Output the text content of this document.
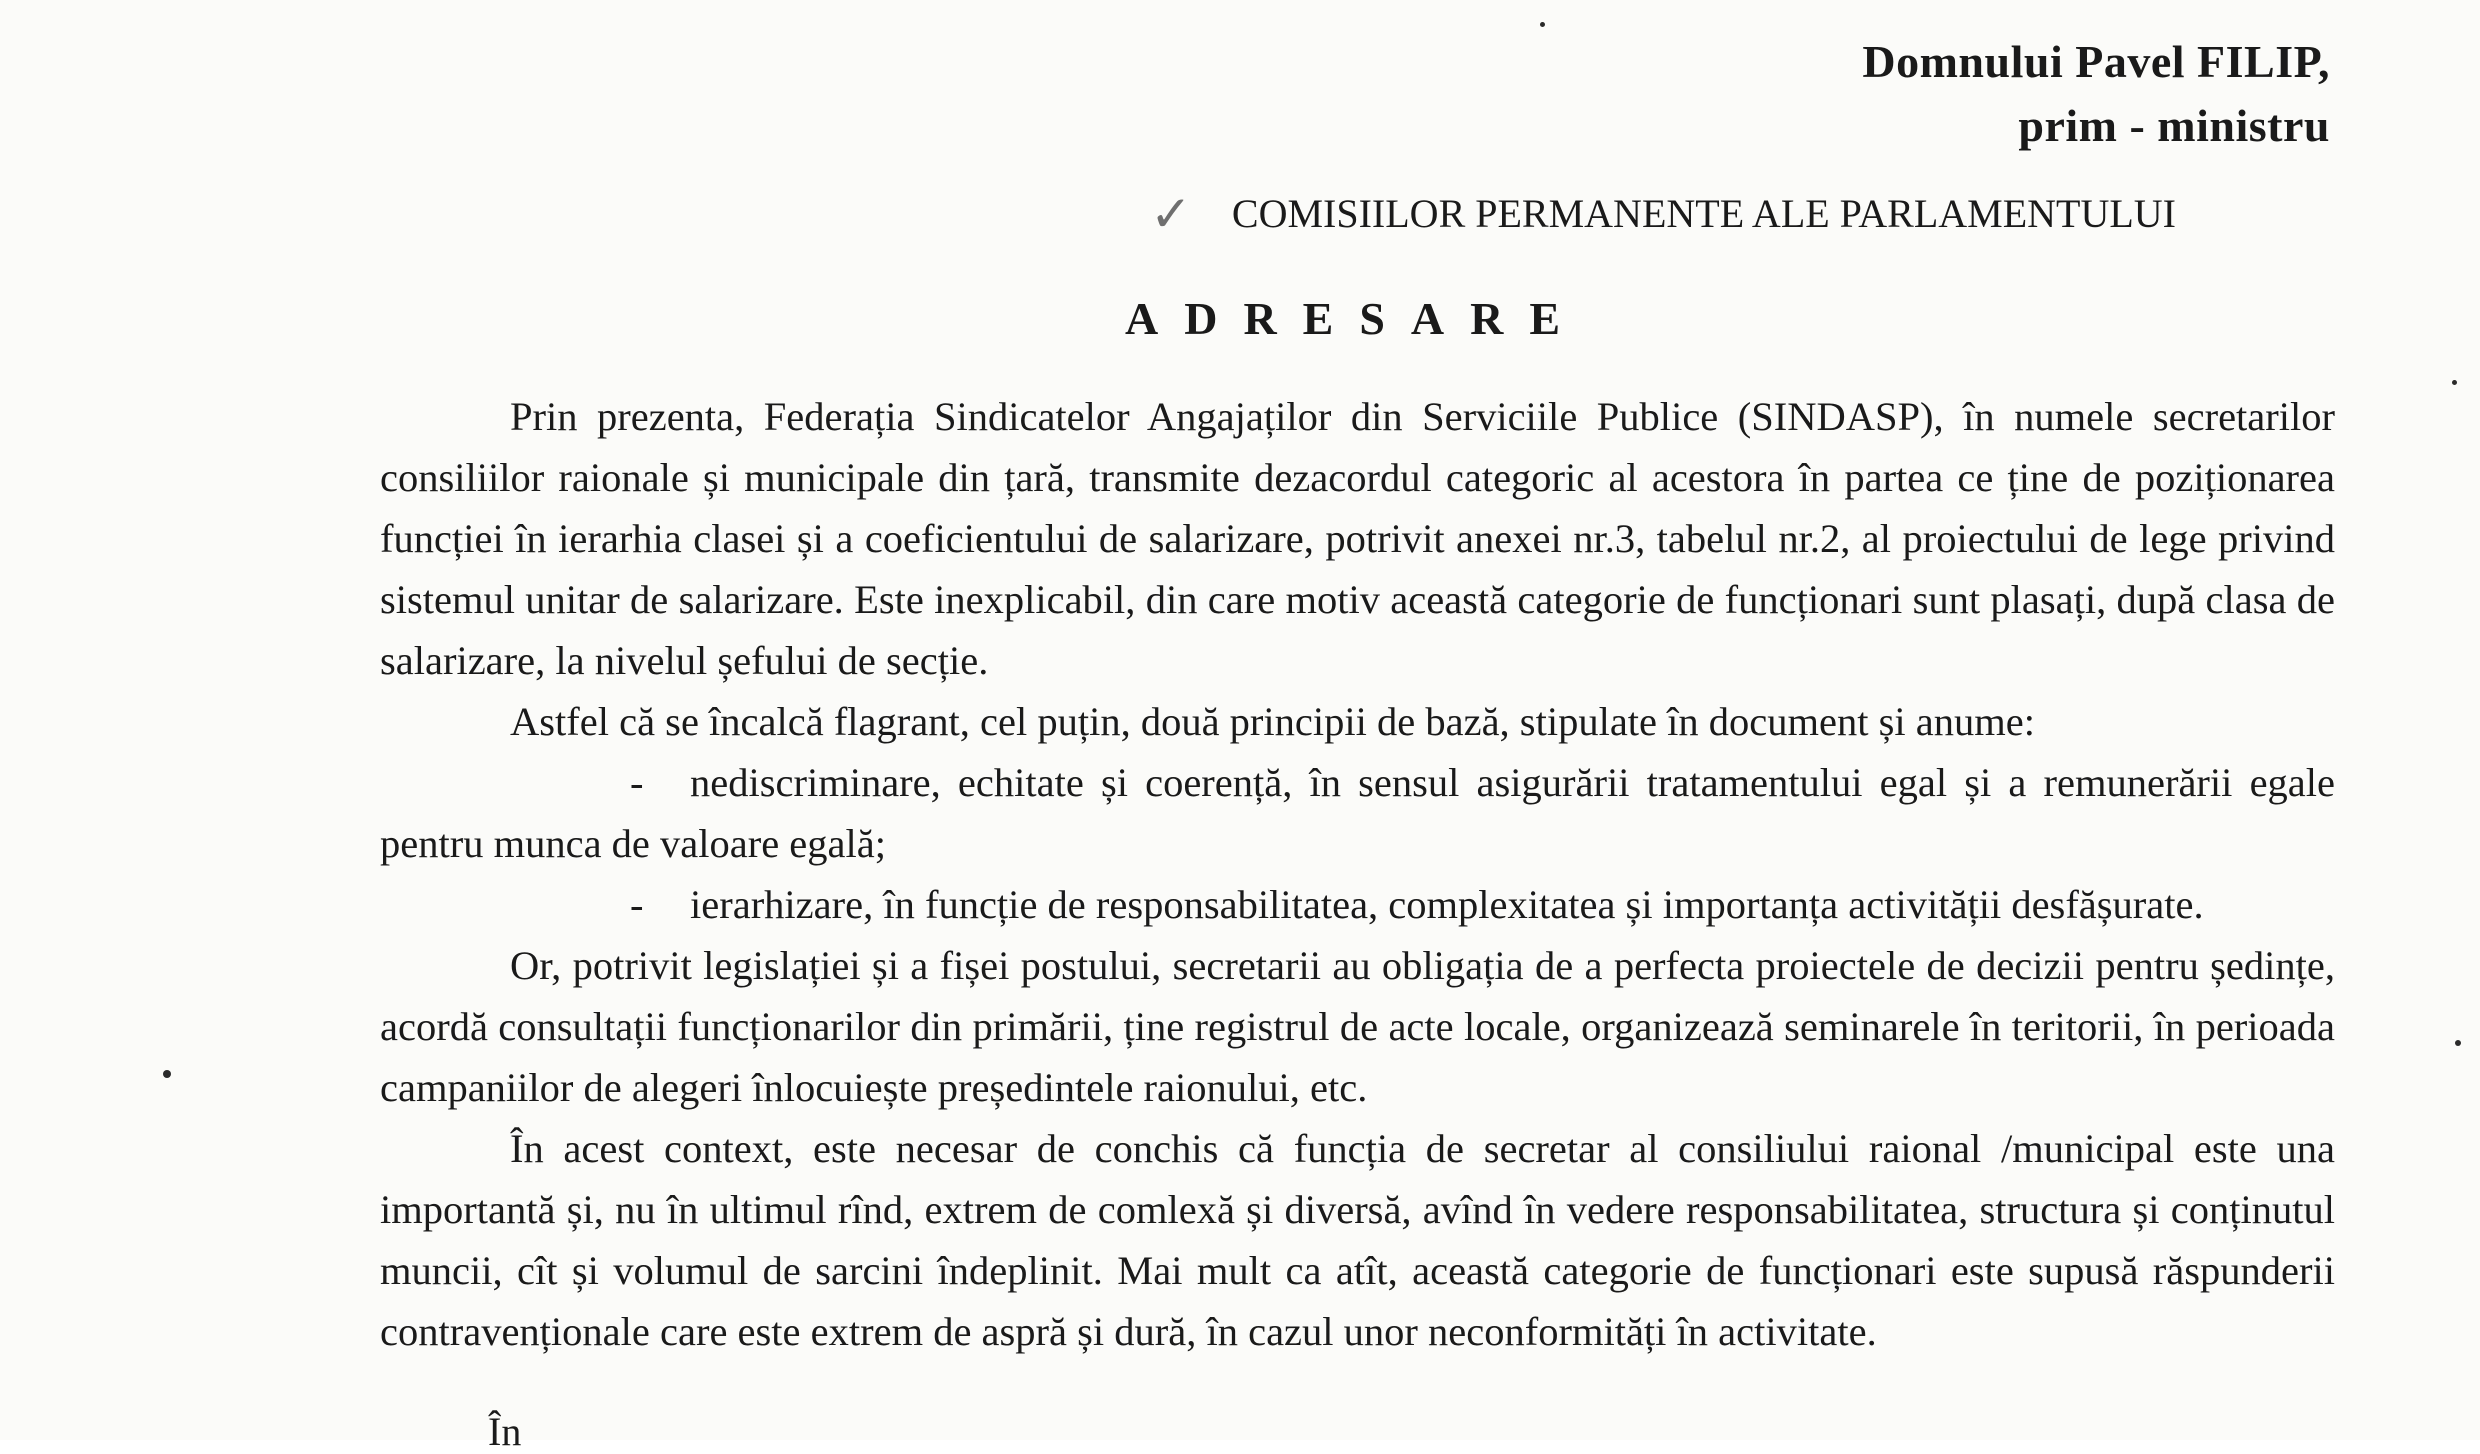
Domnului Pavel FILIP,
prim - ministru
✓ COMISIILOR PERMANENTE ALE PARLAMENTULUI
ADRESARE

Prin prezenta, Federația Sindicatelor Angajaților din Serviciile Publice (SINDASP), în numele secretarilor consiliilor raionale și municipale din țară, transmite dezacordul categoric al acestora în partea ce ține de poziționarea funcției în ierarhia clasei și a coeficientului de salarizare, potrivit anexei nr.3, tabelul nr.2, al proiectului de lege privind sistemul unitar de salarizare. Este inexplicabil, din care motiv această categorie de funcționari sunt plasați, după clasa de salarizare, la nivelul șefului de secție.

Astfel că se încalcă flagrant, cel puțin, două principii de bază, stipulate în document și anume:

- nediscriminare, echitate și coerență, în sensul asigurării tratamentului egal și a remunerării egale pentru munca de valoare egală;

- ierarhizare, în funcție de responsabilitatea, complexitatea și importanța activității desfășurate.

Or, potrivit legislației și a fișei postului, secretarii au obligația de a perfecta proiectele de decizii pentru ședințe, acordă consultații funcționarilor din primării, ține registrul de acte locale, organizează seminarele în teritorii, în perioada campaniilor de alegeri înlocuiește președintele raionului, etc.

În acest context, este necesar de conchis că funcția de secretar al consiliului raional /municipal este una importantă și, nu în ultimul rînd, extrem de comlexă și diversă, avînd în vedere responsabilitatea, structura și conținutul muncii, cît și volumul de sarcini îndeplinit. Mai mult ca atît, această categorie de funcționari este supusă răspunderii contravenționale care este extrem de aspră și dură, în cazul unor neconformități în activitate.

În
